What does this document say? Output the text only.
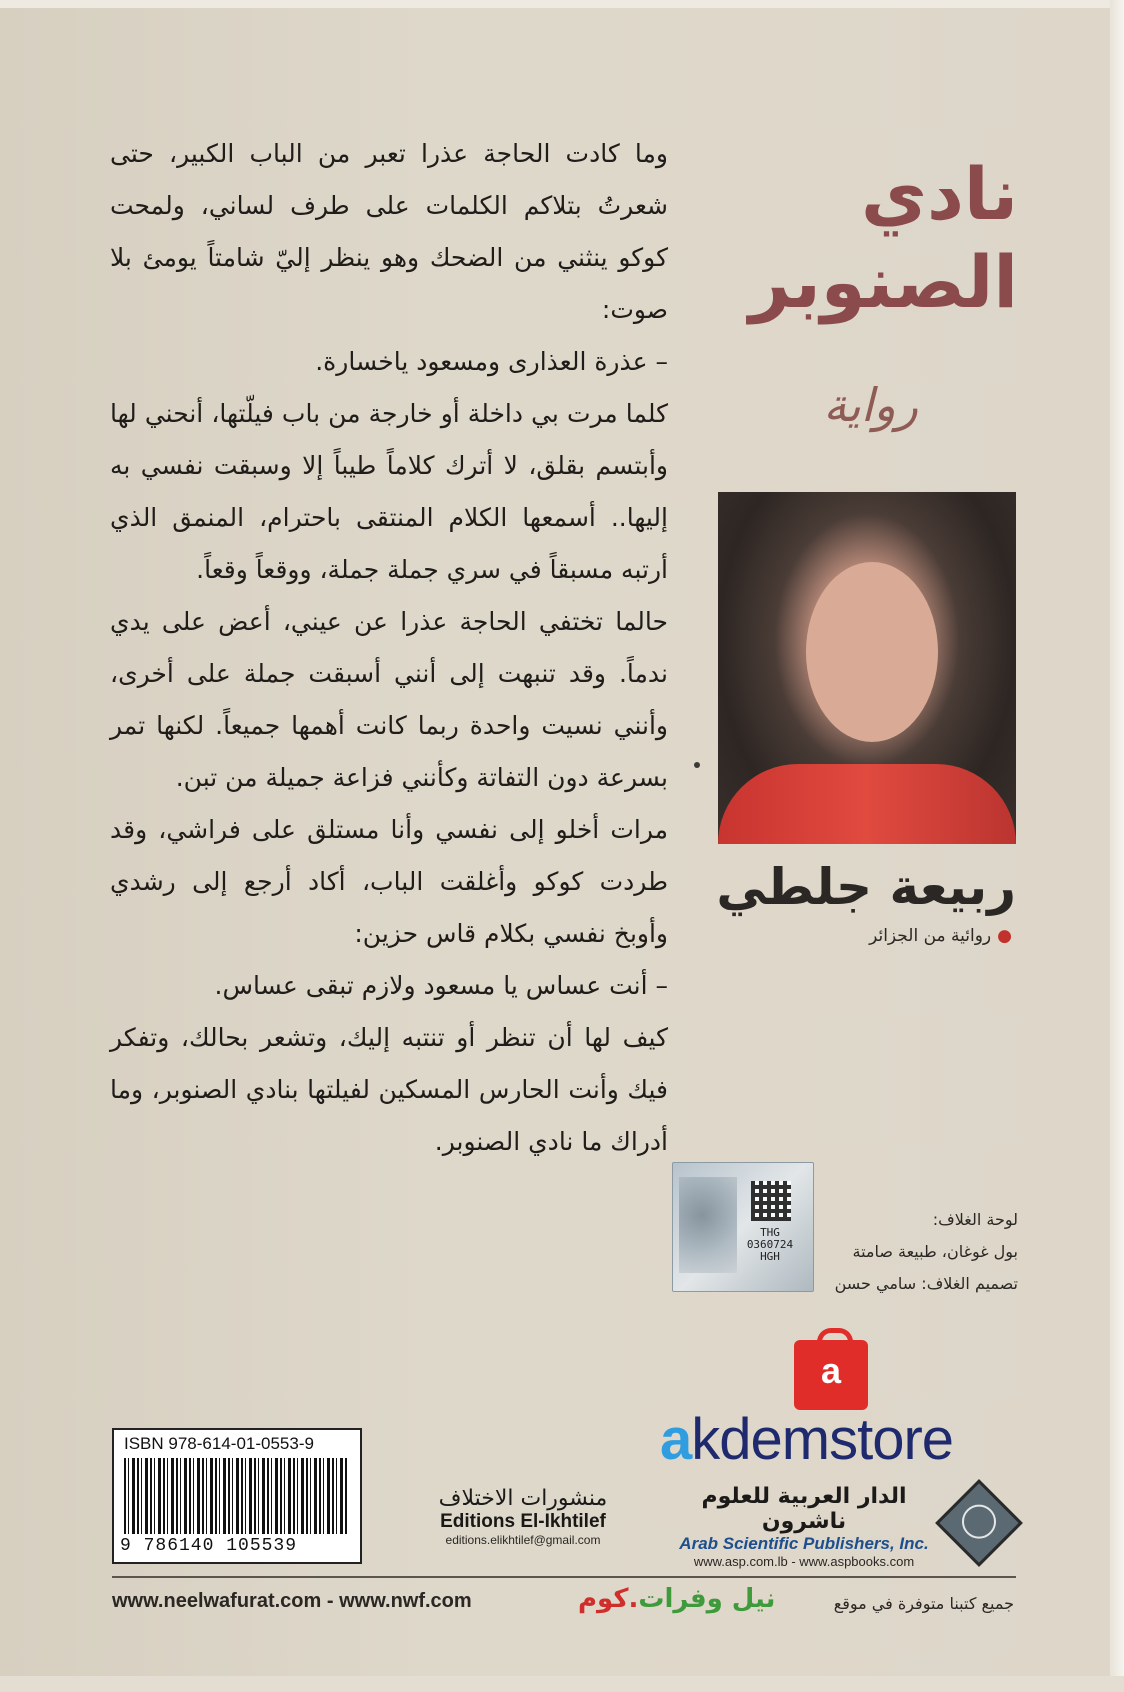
وما كادت الحاجة عذرا تعبر من الباب الكبير، حتى شعرتُ بتلاكم الكلمات على طرف لساني، ولمحت كوكو ينثني من الضحك وهو ينظر إليّ شامتاً يومئ بلا صوت:

– عذرة العذارى ومسعود ياخسارة.

كلما مرت بي داخلة أو خارجة من باب فيلّتها، أنحني لها وأبتسم بقلق، لا أترك كلاماً طيباً إلا وسبقت نفسي به إليها.. أسمعها الكلام المنتقى باحترام، المنمق الذي أرتبه مسبقاً في سري جملة جملة، ووقعاً وقعاً.

حالما تختفي الحاجة عذرا عن عيني، أعض على يدي ندماً. وقد تنبهت إلى أنني أسبقت جملة على أخرى، وأنني نسيت واحدة ربما كانت أهمها جميعاً. لكنها تمر بسرعة دون التفاتة وكأنني فزاعة جميلة من تبن.

مرات أخلو إلى نفسي وأنا مستلق على فراشي، وقد طردت كوكو وأغلقت الباب، أكاد أرجع إلى رشدي وأوبخ نفسي بكلام قاس حزين:

– أنت عساس يا مسعود ولازم تبقى عساس.

كيف لها أن تنظر أو تنتبه إليك، وتشعر بحالك، وتفكر فيك وأنت الحارس المسكين لفيلتها بنادي الصنوبر، وما أدراك ما نادي الصنوبر.

نادي
الصنوبر
رواية
ربيعة جلطي
●روائية من الجزائر
لوحة الغلاف:
بول غوغان، طبيعة صامتة
تصميم الغلاف: سامي حسن
THG
0360724
HGH
a
akdemstore
ISBN 978-614-01-0553-9
9 786140 105539
منشورات الاختلاف
Editions El-Ikhtilef
editions.elikhtilef@gmail.com
الدار العربية للعلوم ناشرون
Arab Scientific Publishers, Inc.
www.asp.com.lb - www.aspbooks.com
www.neelwafurat.com - www.nwf.com	نيل وفرات.كوم	جميع كتبنا متوفرة في موقع
